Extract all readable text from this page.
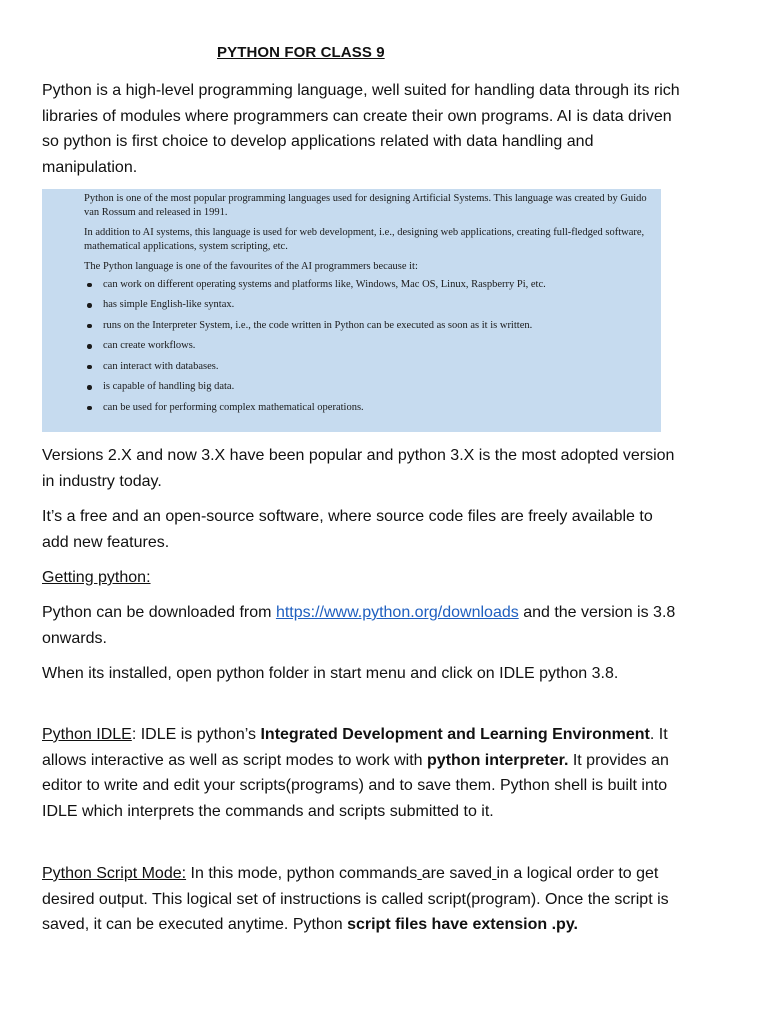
PYTHON FOR CLASS 9
Python is a high-level programming language, well suited for handling data through its rich libraries of modules where programmers can create their own programs. AI is data driven so python is first choice to develop applications related with data handling and manipulation.

Python is one of the most popular programming languages used for designing Artificial Systems. This language was created by Guido van Rossum and released in 1991.

In addition to AI systems, this language is used for web development, i.e., designing web applications, creating full-fledged software, mathematical applications, system scripting, etc.

The Python language is one of the favourites of the AI programmers because it:

can work on different operating systems and platforms like, Windows, Mac OS, Linux, Raspberry Pi, etc.
has simple English-like syntax.
runs on the Interpreter System, i.e., the code written in Python can be executed as soon as it is written.
can create workflows.
can interact with databases.
is capable of handling big data.
can be used for performing complex mathematical operations.
Versions 2.X and now 3.X have been popular and python 3.X is the most adopted version in industry today.
It’s a free and an open-source software, where source code files are freely available to add new features.
Getting python:
Python can be downloaded from https://www.python.org/downloads and the version is 3.8 onwards.
When its installed, open python folder in start menu and click on IDLE python 3.8.
Python IDLE: IDLE is python’s Integrated Development and Learning Environment. It allows interactive as well as script modes to work with python interpreter. It provides an editor to write and edit your scripts(programs) and to save them. Python shell is built into IDLE which interprets the commands and scripts submitted to it.
Python Script Mode: In this mode, python commands are saved in a logical order to get desired output. This logical set of instructions is called script(program). Once the script is saved, it can be executed anytime. Python script files have extension .py.
